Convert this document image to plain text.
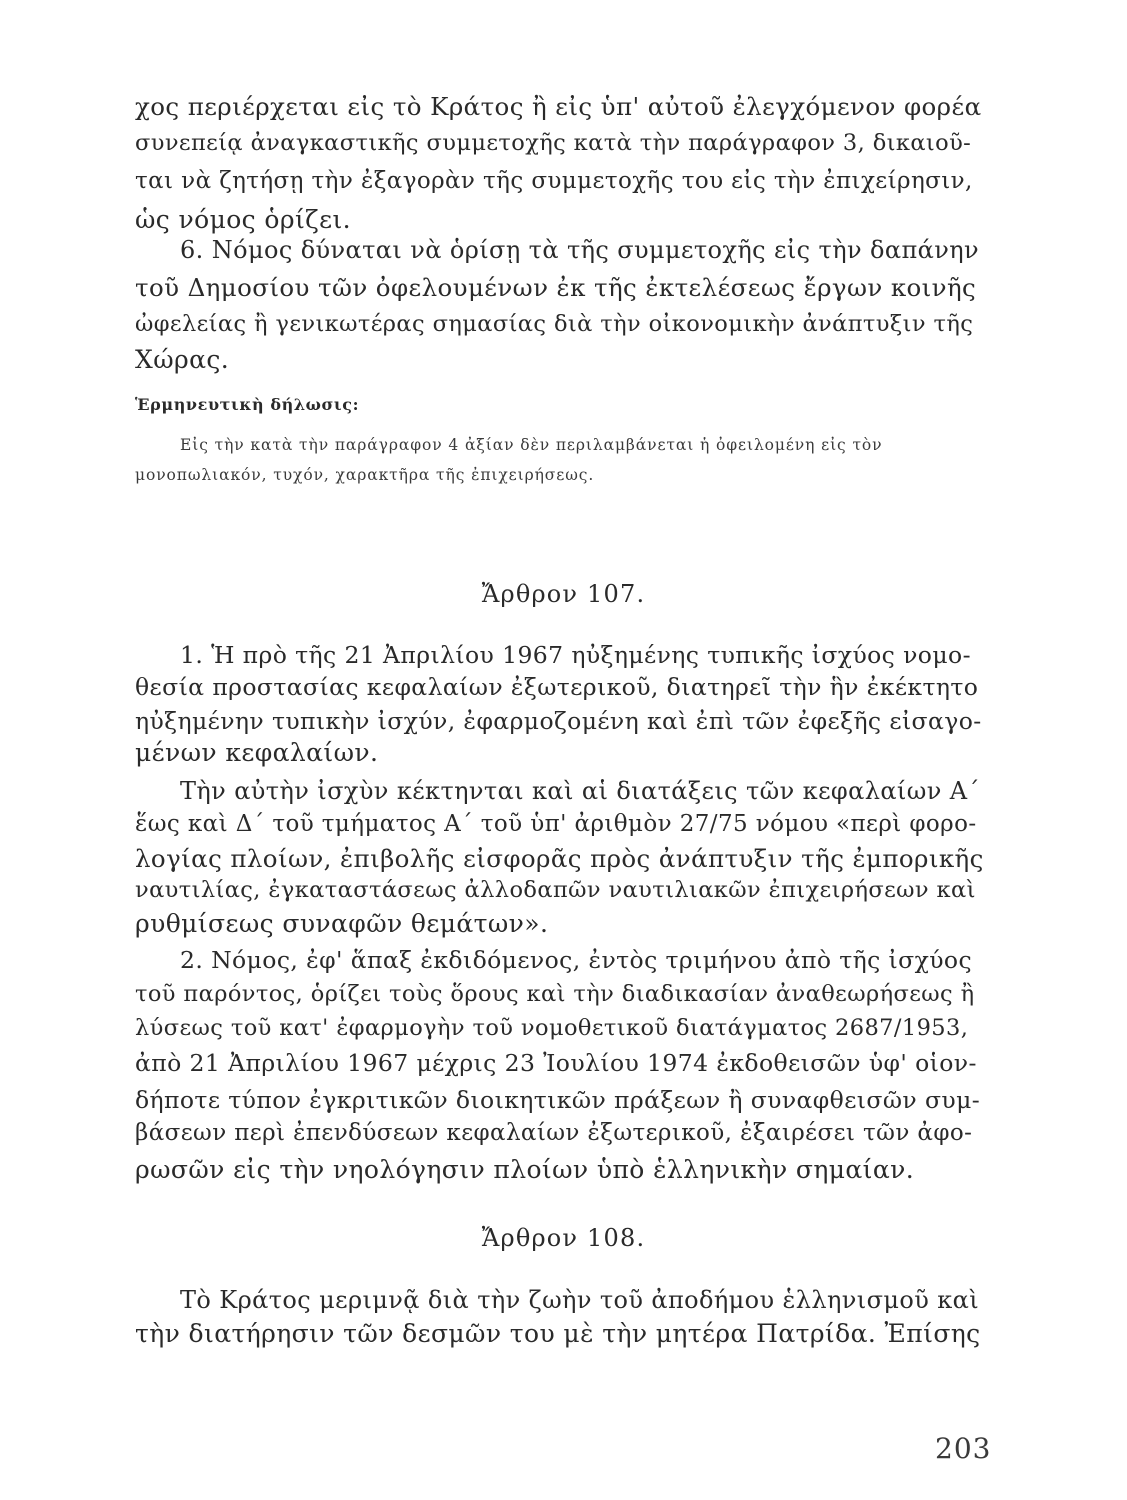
χος περιέρχεται εἰς τὸ Κράτος ἢ εἰς ὑπ' αὐτοῦ ἐλεγχόμενον φορέα
συνεπείᾳ ἀναγκαστικῆς συμμετοχῆς κατὰ τὴν παράγραφον 3, δικαιοῦ-
ται νὰ ζητήσῃ τὴν ἐξαγορὰν τῆς συμμετοχῆς του εἰς τὴν ἐπιχείρησιν,
ὡς νόμος ὁρίζει.
6. Νόμος δύναται νὰ ὁρίσῃ τὰ τῆς συμμετοχῆς εἰς τὴν δαπάνην
τοῦ Δημοσίου τῶν ὀφελουμένων ἐκ τῆς ἐκτελέσεως ἔργων κοινῆς
ὠφελείας ἢ γενικωτέρας σημασίας διὰ τὴν οἰκονομικὴν ἀνάπτυξιν τῆς
Χώρας.
Ἑρμηνευτικὴ δήλωσις:
Εἰς τὴν κατὰ τὴν παράγραφον 4 ἀξίαν δὲν περιλαμβάνεται ἡ ὀφειλομένη εἰς τὸν
μονοπωλιακόν, τυχόν, χαρακτῆρα τῆς ἐπιχειρήσεως.
Ἄρθρον 107.
1. Ἡ πρὸ τῆς 21 Ἀπριλίου 1967 ηὐξημένης τυπικῆς ἰσχύος νομο-
θεσία προστασίας κεφαλαίων ἐξωτερικοῦ, διατηρεῖ τὴν ἣν ἐκέκτητο
ηὐξημένην τυπικὴν ἰσχύν, ἐφαρμοζομένη καὶ ἐπὶ τῶν ἐφεξῆς εἰσαγο-
μένων κεφαλαίων.
Τὴν αὐτὴν ἰσχὺν κέκτηνται καὶ αἱ διατάξεις τῶν κεφαλαίων Α΄
ἕως καὶ Δ΄ τοῦ τμήματος Α΄ τοῦ ὑπ' ἀριθμὸν 27/75 νόμου «περὶ φορο-
λογίας πλοίων, ἐπιβολῆς εἰσφορᾶς πρὸς ἀνάπτυξιν τῆς ἐμπορικῆς
ναυτιλίας, ἐγκαταστάσεως ἀλλοδαπῶν ναυτιλιακῶν ἐπιχειρήσεων καὶ
ρυθμίσεως συναφῶν θεμάτων».
2. Νόμος, ἐφ' ἅπαξ ἐκδιδόμενος, ἐντὸς τριμήνου ἀπὸ τῆς ἰσχύος
τοῦ παρόντος, ὁρίζει τοὺς ὅρους καὶ τὴν διαδικασίαν ἀναθεωρήσεως ἢ
λύσεως τοῦ κατ' ἐφαρμογὴν τοῦ νομοθετικοῦ διατάγματος 2687/1953,
ἀπὸ 21 Ἀπριλίου 1967 μέχρις 23 Ἰουλίου 1974 ἐκδοθεισῶν ὑφ' οἱον-
δήποτε τύπον ἐγκριτικῶν διοικητικῶν πράξεων ἢ συναφθεισῶν συμ-
βάσεων περὶ ἐπενδύσεων κεφαλαίων ἐξωτερικοῦ, ἐξαιρέσει τῶν ἀφο-
ρωσῶν εἰς τὴν νηολόγησιν πλοίων ὑπὸ ἑλληνικὴν σημαίαν.
Ἄρθρον 108.
Τὸ Κράτος μεριμνᾷ διὰ τὴν ζωὴν τοῦ ἀποδήμου ἑλληνισμοῦ καὶ
τὴν διατήρησιν τῶν δεσμῶν του μὲ τὴν μητέρα Πατρίδα. Ἐπίσης
203
